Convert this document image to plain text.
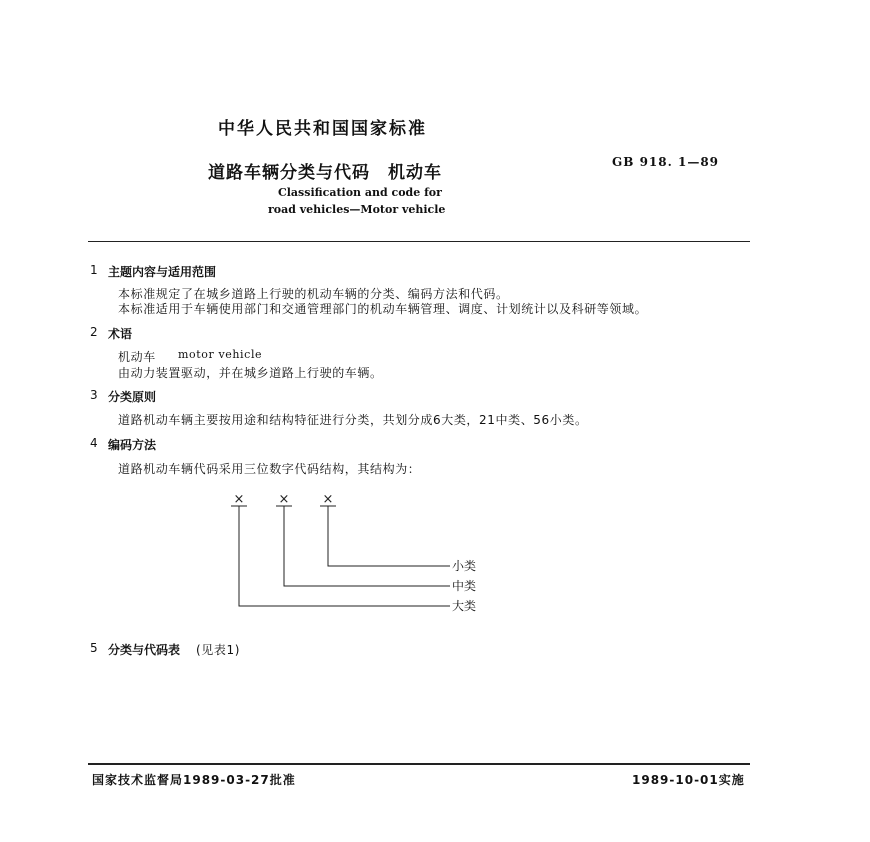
中华人民共和国国家标准
道路车辆分类与代码　机动车
GB 918. 1—89
Classification and code for
road vehicles—Motor vehicle
1 主题内容与适用范围
本标准规定了在城乡道路上行驶的机动车辆的分类、编码方法和代码。
本标准适用于车辆使用部门和交通管理部门的机动车辆管理、调度、计划统计以及科研等领域。
2 术语
机动车 motor vehicle
由动力装置驱动，并在城乡道路上行驶的车辆。
3 分类原则
道路机动车辆主要按用途和结构特征进行分类，共划分成6大类，21中类、56小类。
4 编码方法
道路机动车辆代码采用三位数字代码结构，其结构为：
×	×	×
小类
中类
大类
5 分类与代码表 (见表1)
国家技术监督局1989-03-27批准	1989-10-01实施
